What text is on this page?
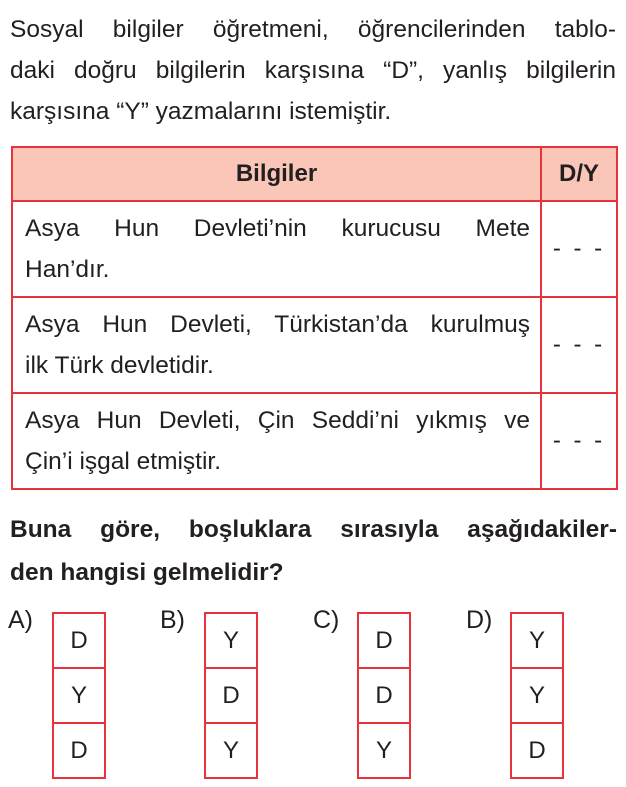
Sosyal bilgiler öğretmeni, öğrencilerinden tablo-
daki doğru bilgilerin karşısına “D”, yanlış bilgilerin
karşısına “Y” yazmalarını istemiştir.

Bilgiler	D/Y

Asya Hun Devleti’nin kurucusu Mete
Han’dır.	- - -

Asya Hun Devleti, Türkistan’da kurulmuş
ilk Türk devletidir.	- - -

Asya Hun Devleti, Çin Seddi’ni yıkmış ve
Çin’i işgal etmiştir.	- - -

Buna göre, boşluklara sırasıyla aşağıdakiler-
den hangisi gelmelidir?

A)
D
Y
D
B)
Y
D
Y
C)
D
D
Y
D)
Y
Y
D
